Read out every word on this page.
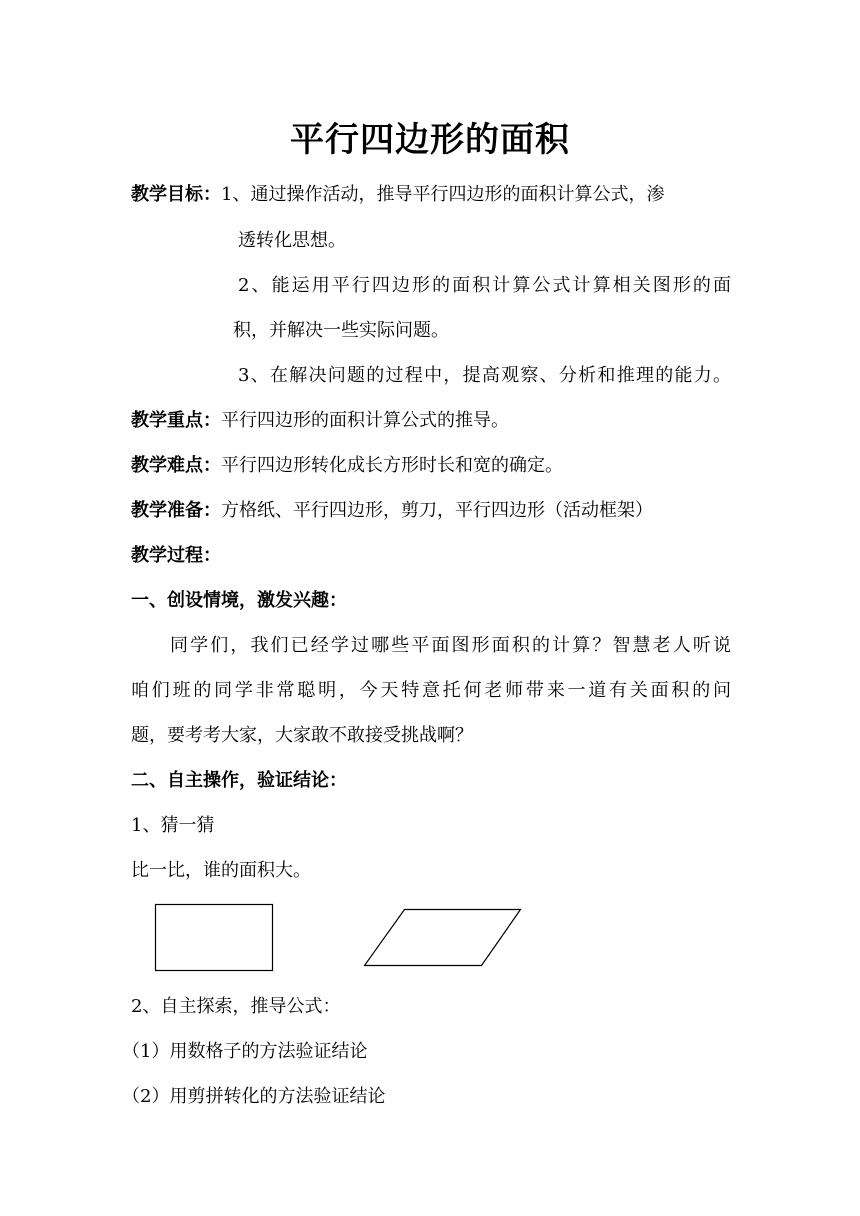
平行四边形的面积
教学目标：1、通过操作活动，推导平行四边形的面积计算公式，渗
透转化思想。
2、能运用平行四边形的面积计算公式计算相关图形的面
积，并解决一些实际问题。
3、在解决问题的过程中，提高观察、分析和推理的能力。
教学重点：平行四边形的面积计算公式的推导。
教学难点：平行四边形转化成长方形时长和宽的确定。
教学准备：方格纸、平行四边形，剪刀，平行四边形（活动框架）
教学过程：
一、创设情境，激发兴趣：
同学们，我们已经学过哪些平面图形面积的计算？智慧老人听说
咱们班的同学非常聪明，今天特意托何老师带来一道有关面积的问
题，要考考大家，大家敢不敢接受挑战啊？
二、自主操作，验证结论：
1、猜一猜
比一比，谁的面积大。
2、自主探索，推导公式：
（1）用数格子的方法验证结论
（2）用剪拼转化的方法验证结论
